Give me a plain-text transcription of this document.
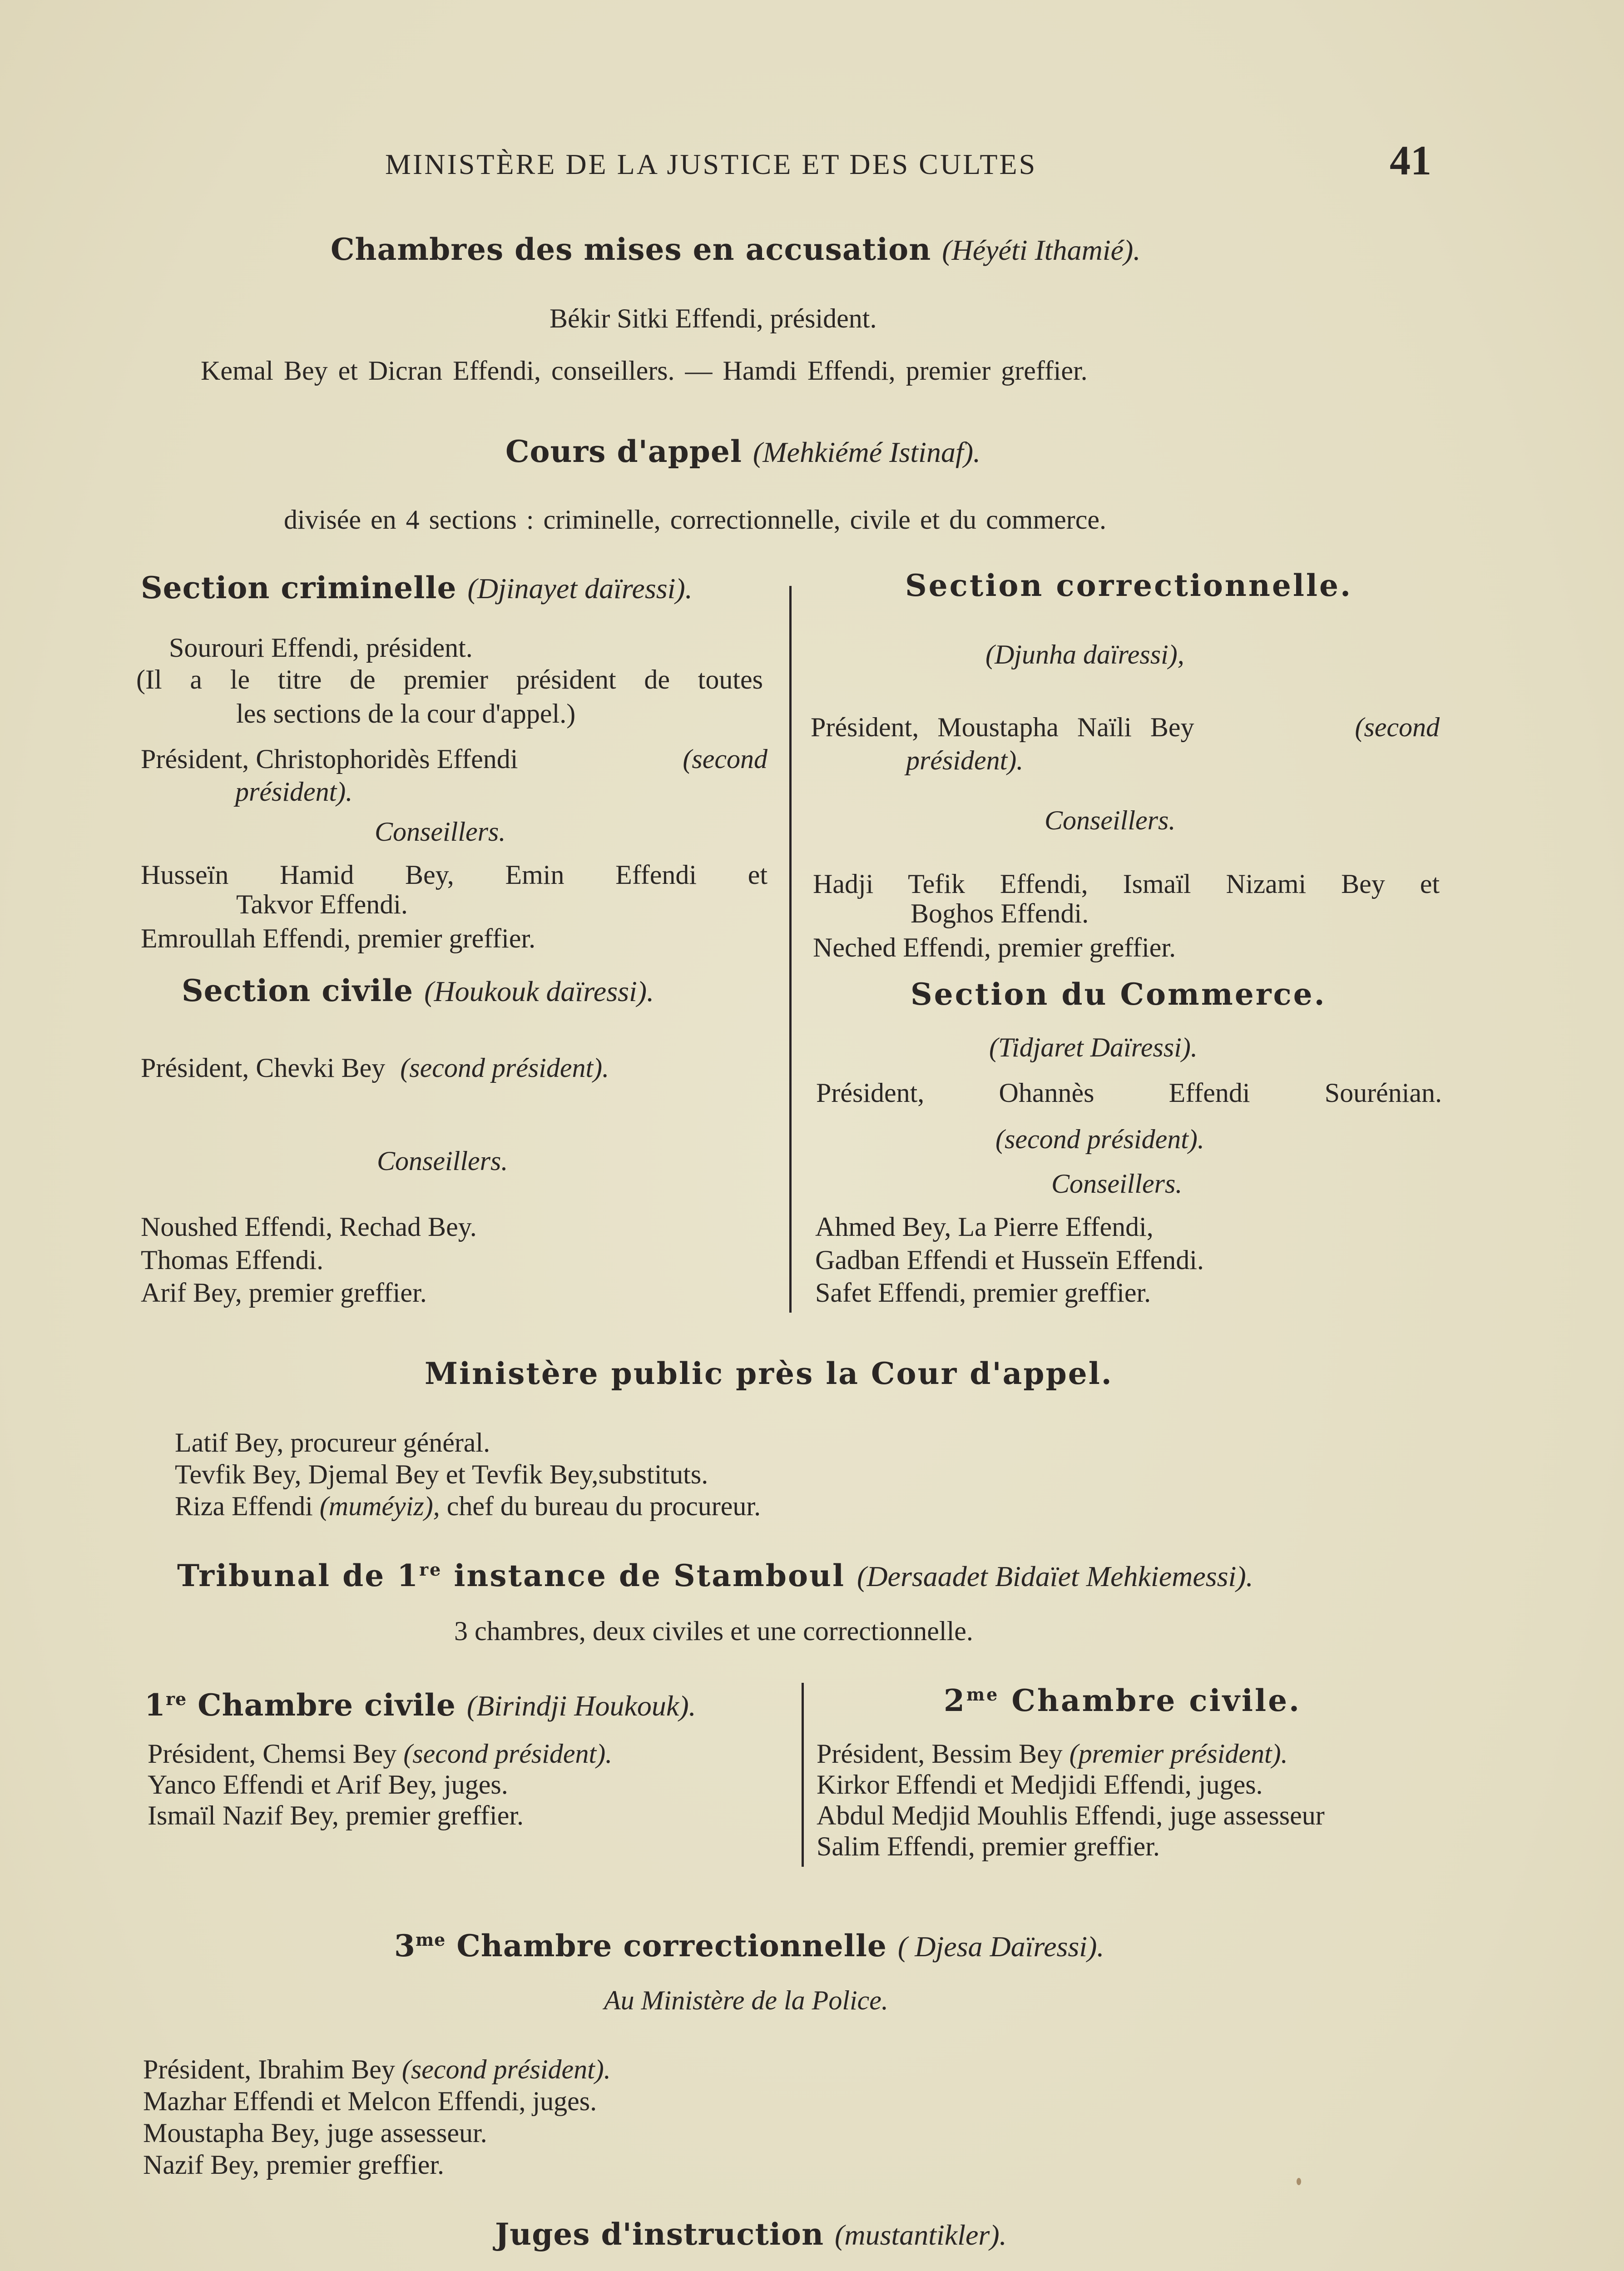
MINISTÈRE DE LA JUSTICE ET DES CULTES	41
Chambres des mises en accusation (Héyéti Ithamié).
Békir Sitki Effendi, président.
Kemal Bey et Dicran Effendi, conseillers. — Hamdi Effendi, premier greffier.
Cours d'appel (Mehkiémé Istinaf).
divisée en 4 sections : criminelle, correctionnelle, civile et du commerce.
Section criminelle (Djinayet daïressi).
Sourouri Effendi, président.
(Il a le titre de premier président de toutes
les sections de la cour d'appel.)
Président, Christophoridès Effendi	(second
président).
Conseillers.
Husseïn Hamid Bey, Emin Effendi et
Takvor Effendi.
Emroullah Effendi, premier greffier.
Section civile (Houkouk daïressi).
Président, Chevki Bey (second président).
Conseillers.
Noushed Effendi, Rechad Bey.
Thomas Effendi.
Arif Bey, premier greffier.
Section correctionnelle.
(Djunha daïressi),
Président, Moustapha Naïli Bey	(second
président).
Conseillers.
Hadji Tefik Effendi, Ismaïl Nizami Bey et
Boghos Effendi.
Neched Effendi, premier greffier.
Section du Commerce.
(Tidjaret Daïressi).
Président, Ohannès Effendi Sourénian.
(second président).
Conseillers.
Ahmed Bey, La Pierre Effendi,
Gadban Effendi et Husseïn Effendi.
Safet Effendi, premier greffier.
Ministère public près la Cour d'appel.
Latif Bey, procureur général.
Tevfik Bey, Djemal Bey et Tevfik Bey,substituts.
Riza Effendi (muméyiz), chef du bureau du procureur.
Tribunal de 1re instance de Stamboul (Dersaadet Bidaïet Mehkiemessi).
3 chambres, deux civiles et une correctionnelle.
1re Chambre civile (Birindji Houkouk).
Président, Chemsi Bey (second président).
Yanco Effendi et Arif Bey, juges.
Ismaïl Nazif Bey, premier greffier.
$2^{me}$ Chambre civile.
Président, Bessim Bey (premier président).
Kirkor Effendi et Medjidi Effendi, juges.
Abdul Medjid Mouhlis Effendi, juge assesseur
Salim Effendi, premier greffier.
$3^{me}$ Chambre correctionnelle ( Djesa Daïressi).
Au Ministère de la Police.
Président, Ibrahim Bey (second président).
Mazhar Effendi et Melcon Effendi, juges.
Moustapha Bey, juge assesseur.
Nazif Bey, premier greffier.
Juges d'instruction (mustantikler).
